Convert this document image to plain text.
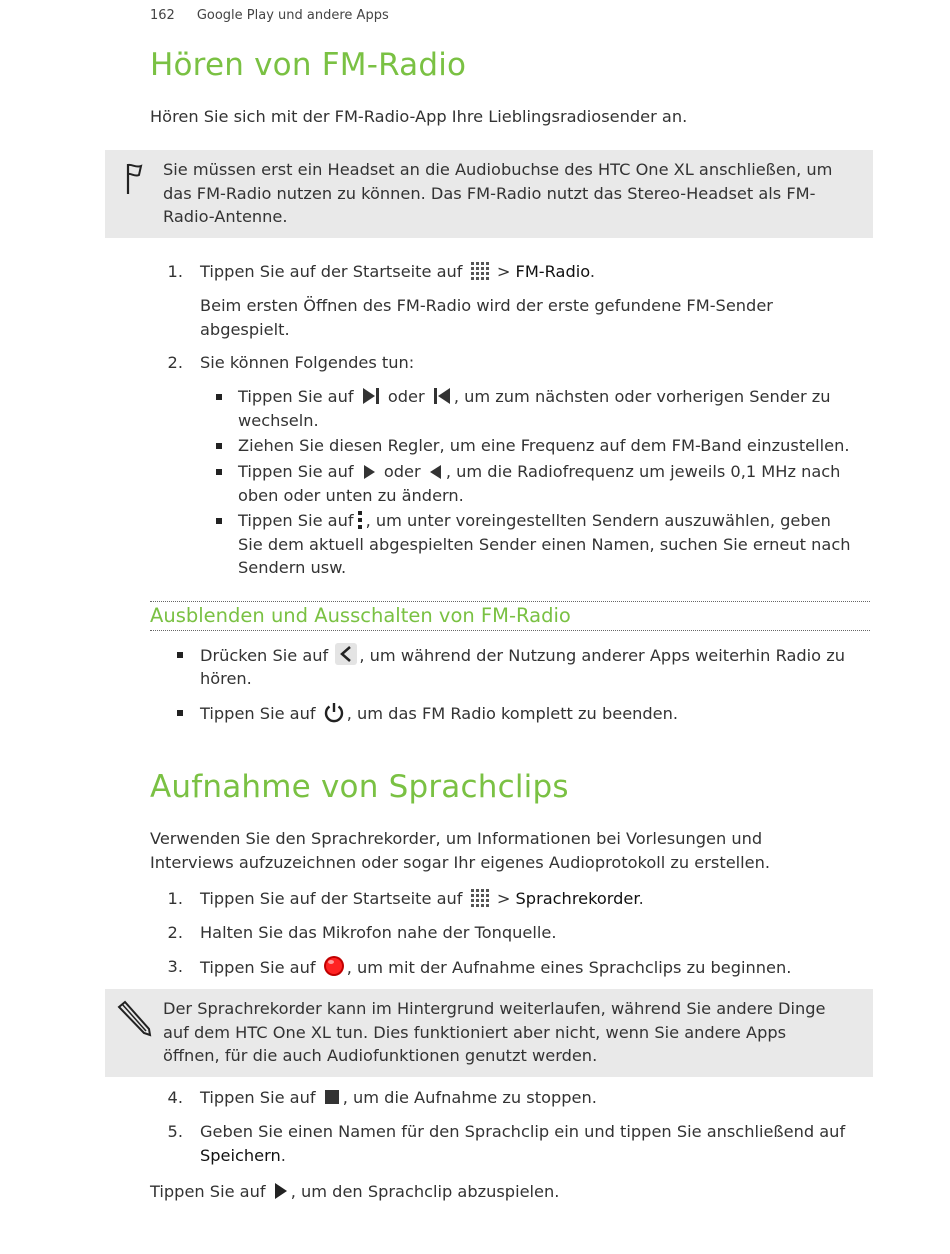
162 Google Play und andere Apps
Hören von FM-Radio
Hören Sie sich mit der FM-Radio-App Ihre Lieblingsradiosender an.
Sie müssen erst ein Headset an die Audiobuchse des HTC One XL anschließen, um
das FM-Radio nutzen zu können. Das FM-Radio nutzt das Stereo-Headset als FM-
Radio-Antenne.
1. Tippen Sie auf der Startseite auf  > FM-Radio.
Beim ersten Öffnen des FM-Radio wird der erste gefundene FM-Sender
abgespielt.
2. Sie können Folgendes tun:
Tippen Sie auf oder , um zum nächsten oder vorherigen Sender zu
wechseln.
Ziehen Sie diesen Regler, um eine Frequenz auf dem FM-Band einzustellen.
Tippen Sie auf oder , um die Radiofrequenz um jeweils 0,1 MHz nach
oben oder unten zu ändern.
Tippen Sie auf , um unter voreingestellten Sendern auszuwählen, geben
Sie dem aktuell abgespielten Sender einen Namen, suchen Sie erneut nach
Sendern usw.
Ausblenden und Ausschalten von FM-Radio
Drücken Sie auf , um während der Nutzung anderer Apps weiterhin Radio zu
hören.
Tippen Sie auf , um das FM Radio komplett zu beenden.
Aufnahme von Sprachclips
Verwenden Sie den Sprachrekorder, um Informationen bei Vorlesungen und
Interviews aufzuzeichnen oder sogar Ihr eigenes Audioprotokoll zu erstellen.
1. Tippen Sie auf der Startseite auf  > Sprachrekorder.
2. Halten Sie das Mikrofon nahe der Tonquelle.
3. Tippen Sie auf , um mit der Aufnahme eines Sprachclips zu beginnen.
Der Sprachrekorder kann im Hintergrund weiterlaufen, während Sie andere Dinge
auf dem HTC One XL tun. Dies funktioniert aber nicht, wenn Sie andere Apps
öffnen, für die auch Audiofunktionen genutzt werden.
4. Tippen Sie auf , um die Aufnahme zu stoppen.
5. Geben Sie einen Namen für den Sprachclip ein und tippen Sie anschließend auf
Speichern.
Tippen Sie auf , um den Sprachclip abzuspielen.
